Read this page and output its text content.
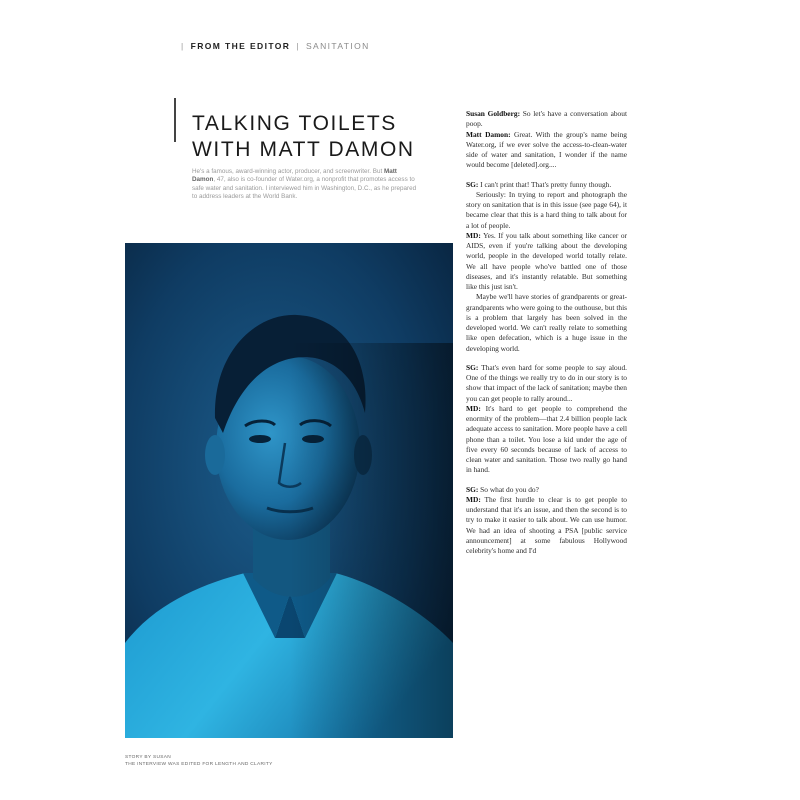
| FROM THE EDITOR | SANITATION
TALKING TOILETS
WITH MATT DAMON
He's a famous, award-winning actor, producer, and screenwriter. But Matt Damon, 47, also is co-founder of Water.org, a nonprofit that promotes access to safe water and sanitation. I interviewed him in Washington, D.C., as he prepared to address leaders at the World Bank.
STORY BY SUSAN
THE INTERVIEW WAS EDITED FOR LENGTH AND CLARITY

Susan Goldberg: So let's have a conversation about poop.

Matt Damon: Great. With the group's name being Water.org, if we ever solve the access-to-clean-water side of water and sanitation, I wonder if the name would become [deleted].org....

SG: I can't print that! That's pretty funny though.

Seriously: In trying to report and photograph the story on sanitation that is in this issue (see page 64), it became clear that this is a hard thing to talk about for a lot of people.

MD: Yes. If you talk about something like cancer or AIDS, even if you're talking about the developing world, people in the developed world totally relate. We all have people who've battled one of those diseases, and it's instantly relatable. But something like this just isn't.

Maybe we'll have stories of grandparents or great-grandparents who were going to the outhouse, but this is a problem that largely has been solved in the developed world. We can't really relate to something like open defecation, which is a huge issue in the developing world.

SG: That's even hard for some people to say aloud. One of the things we really try to do in our story is to show that impact of the lack of sanitation; maybe then you can get people to rally around...

MD: It's hard to get people to comprehend the enormity of the problem—that 2.4 billion people lack adequate access to sanitation. More people have a cell phone than a toilet. You lose a kid under the age of five every 60 seconds because of lack of access to clean water and sanitation. Those two really go hand in hand.

SG: So what do you do?

MD: The first hurdle to clear is to get people to understand that it's an issue, and then the second is to try to make it easier to talk about. We can use humor. We had an idea of shooting a PSA [public service announcement] at some fabulous Hollywood celebrity's home and I'd
